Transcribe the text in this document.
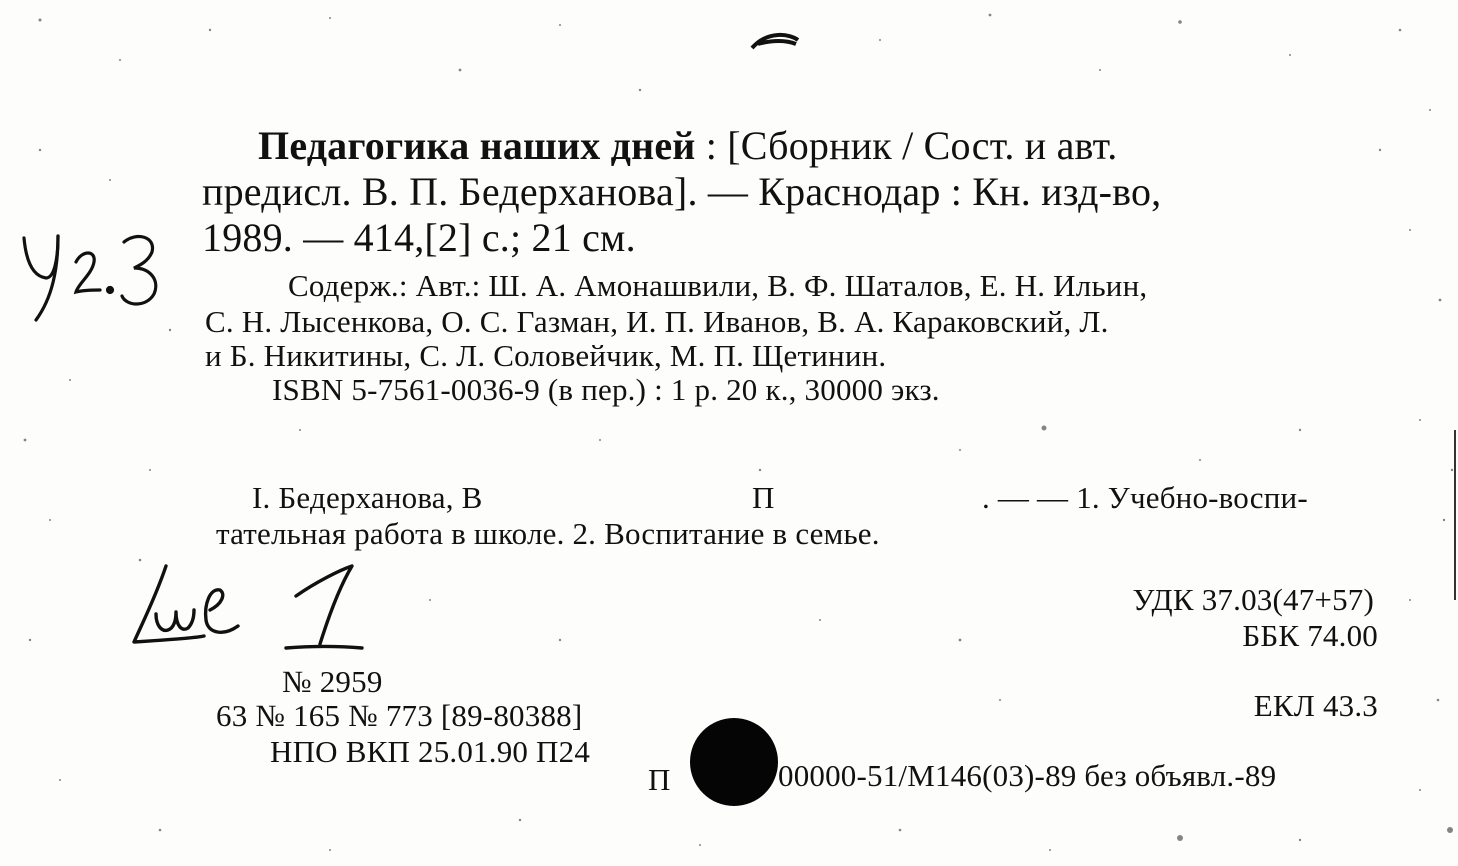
Педагогика наших дней : [Сборник / Сост. и авт.
предисл. В. П. Бедерханова]. — Краснодар : Кн. изд-во,
1989. — 414,[2] с.; 21 см.
Содерж.: Авт.: Ш. А. Амонашвили, В. Ф. Шаталов, Е. Н. Ильин,
С. Н. Лысенкова, О. С. Газман, И. П. Иванов, В. А. Караковский, Л.
и Б. Никитины, С. Л. Соловейчик, М. П. Щетинин.
ISBN 5-7561-0036-9 (в пер.) : 1 р. 20 к., 30000 экз.
I. Бедерханова, В	П	. — — 1. Учебно-воспи-
тательная работа в школе. 2. Воспитание в семье.
УДК 37.03(47+57)
ББК 74.00
ЕКЛ 43.3
№ 2959
63 № 165 № 773 [89-80388]
НПО ВКП 25.01.90 П24
П	00000-51/М146(03)-89 без объявл.-89
